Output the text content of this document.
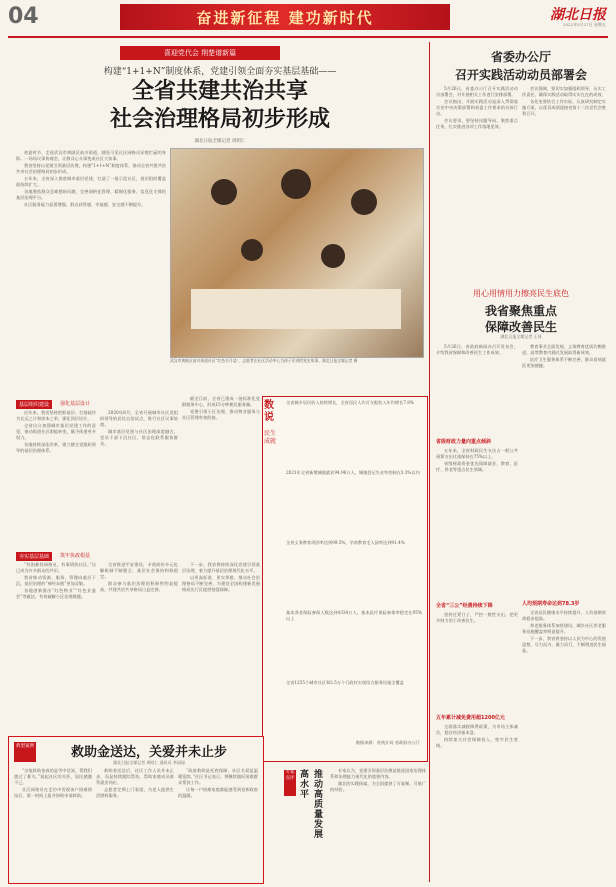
04	奋进新征程 建功新时代	湖北日报
2022年5月27日 星期五
喜迎党代会 荆楚谱新篇
构建“1+1+N”制度体系，党建引领全面夯实基层基础——
全省共建共治共享
社会治理格局初步形成
湖北日报全媒记者 周昭仁

初夏时节，走进武汉市黄陂区前川街道，随处可见社区网格员穿梭忙碌的身影。一场场议事协商会，让群众心头事变成社区大家事。

我省坚持以党建引领基层治理，构建“1+1+N”制度体系，推动全省共建共治共享社会治理格局初步形成。

五年来，全省深入推进城市基层党建，打造了一批示范社区，基层组织覆盖面持续扩大。

各地聚焦群众急难愁盼问题，完善网格化管理、精细化服务、信息化支撑的基层治理平台。

社区服务能力显著增强，群众获得感、幸福感、安全感不断提升。

武汉市黄陂区前川街道社区“红色半月谈”，志愿者在社区活动中心为孩子们讲授党史故事。湖北日报全媒记者 摄
基层组织建设	强化基层设计

近年来，我省坚持把抓基层、打基础作为长远之计和固本之举，强化顶层设计。

全省出台加强城市基层党建工作的意见，推动街道社区职能转变，赋予街道更多权力。

各地持续深化改革，建立健全党组织领导的基层治理体系。

2020年8月，全省开展城市社区党组织领导的居民自治试点，推行社区议事协商。

城市基层党建与社区治理深度融合，党员干部下沉社区，常态化联系服务群众。

截至目前，全省已建成一批标准化党群服务中心，形成15分钟便民服务圈。

党建引领小区治理，推动物业服务与社区管理有效衔接。

夯实基层基础	筑牢执政根基

“有困难找网格员，有事情找社区。”这已成为许多群众的共识。

我省推动资源、服务、管理向基层下沉，基层治理的“神经末梢”更加灵敏。

各地创新推出“红色物业”“红色业委会”等做法，有效破解小区治理难题。

全省推进平安建设，矛盾纠纷多元化解机制不断健全，基层社会保持和谐稳定。

群众参与基层治理的积极性明显提高，共建共治共享格局日益完善。

下一步，我省将持续深化党建引领基层治理，着力提升基层治理现代化水平。

以更高标准、更实举措，推动社会治理格局不断完善，为建设全国构建新发展格局先行区提供坚强保障。

数说
民生成就
全省城乡居民收入持续增长，全省居民人均可支配收入年均增长7.8%
2021年全省新增城镇就业94.96万人，城镇登记失业率控制在3.3%以内
全省义务教育巩固率达到99.5%，学前教育毛入园率达到91.4%
基本养老保险参保人数达到4334万人，基本医疗保险参保率稳定在95%以上
全省1255个城市社区和2.5万个行政村实现综合服务设施全覆盖
数据来源：省统计局 省政府办公厅
省委办公厅
召开实践活动动员部署会

5月26日，省委办公厅召开实践活动动员部署会，对开展相关工作进行安排部署。

会议指出，开展实践活动是深入贯彻落实党中央决策部署和省委工作要求的具体行动。

会议要求，要坚持问题导向，聚焦重点任务，扎实推进各项工作落地见效。

会议强调，要切实加强组织领导，压实工作责任，确保实践活动取得实实在在的成效。

各处室要结合工作实际，认真研究制定实施方案，以优异成绩迎接省第十二次党代会胜利召开。

用心用情用力擦亮民生底色
我省聚焦重点
保障改善民生
湖北日报全媒记者 王琦

5月26日，省政府新闻办召开发布会，介绍我省保障和改善民生工作成效。

省级财政力量向重点倾斜

五年来，全省财政民生支出占一般公共预算支出比重保持在75%以上。

省级财政资金优先保障就业、教育、医疗、养老等重点民生领域。

全省“三公”经费持续下降

坚持过紧日子，严控一般性支出，把更多财力用于改善民生。

五年累计减免费用超1200亿元

全面落实减税降费政策，为市场主体减负，稳住经济基本盘。

持续加大社会保障投入，兜牢民生底线。

教育事业全面发展，义务教育优质均衡推进，高等教育内涵式发展取得新成效。

医疗卫生服务体系不断完善，群众看病就医更加便捷。

人均预期寿命达到78.3岁

全省居民健康水平持续提升，人均预期寿命稳步提高。

养老服务体系加快建设，城乡社区养老服务设施覆盖率明显提升。

下一步，我省将坚持以人民为中心的发展思想，尽力而为、量力而行，不断增进民生福祉。

典型案例	救助金送达，关爱并未止步
湖北日报全媒记者 周昭仁 通讯员 李园园

“这笔救助金真的是雪中送炭，帮我们渡过了难关。”说起社区的关怀，居民感激不已。

社区网格员在走访中发现该户困难情况后，第一时间上报并协助申请救助。

救助金送达后，社区工作人员并未止步，而是持续跟踪帮扶，帮助家庭成员联系就业岗位。

志愿者定期上门看望，为老人提供生活照料服务。

“政府救助是托底保障，社区关爱是温暖延续。”社区书记表示，将继续做好困难群众帮扶工作。

让每一户困难家庭都能感受到党和政府的温暖。

专家点评 高水平
推动高质量发展

专家认为，党建引领基层治理是推进国家治理体系和治理能力现代化的重要内容。

湖北的实践探索，为全国提供了可复制、可推广的经验。
